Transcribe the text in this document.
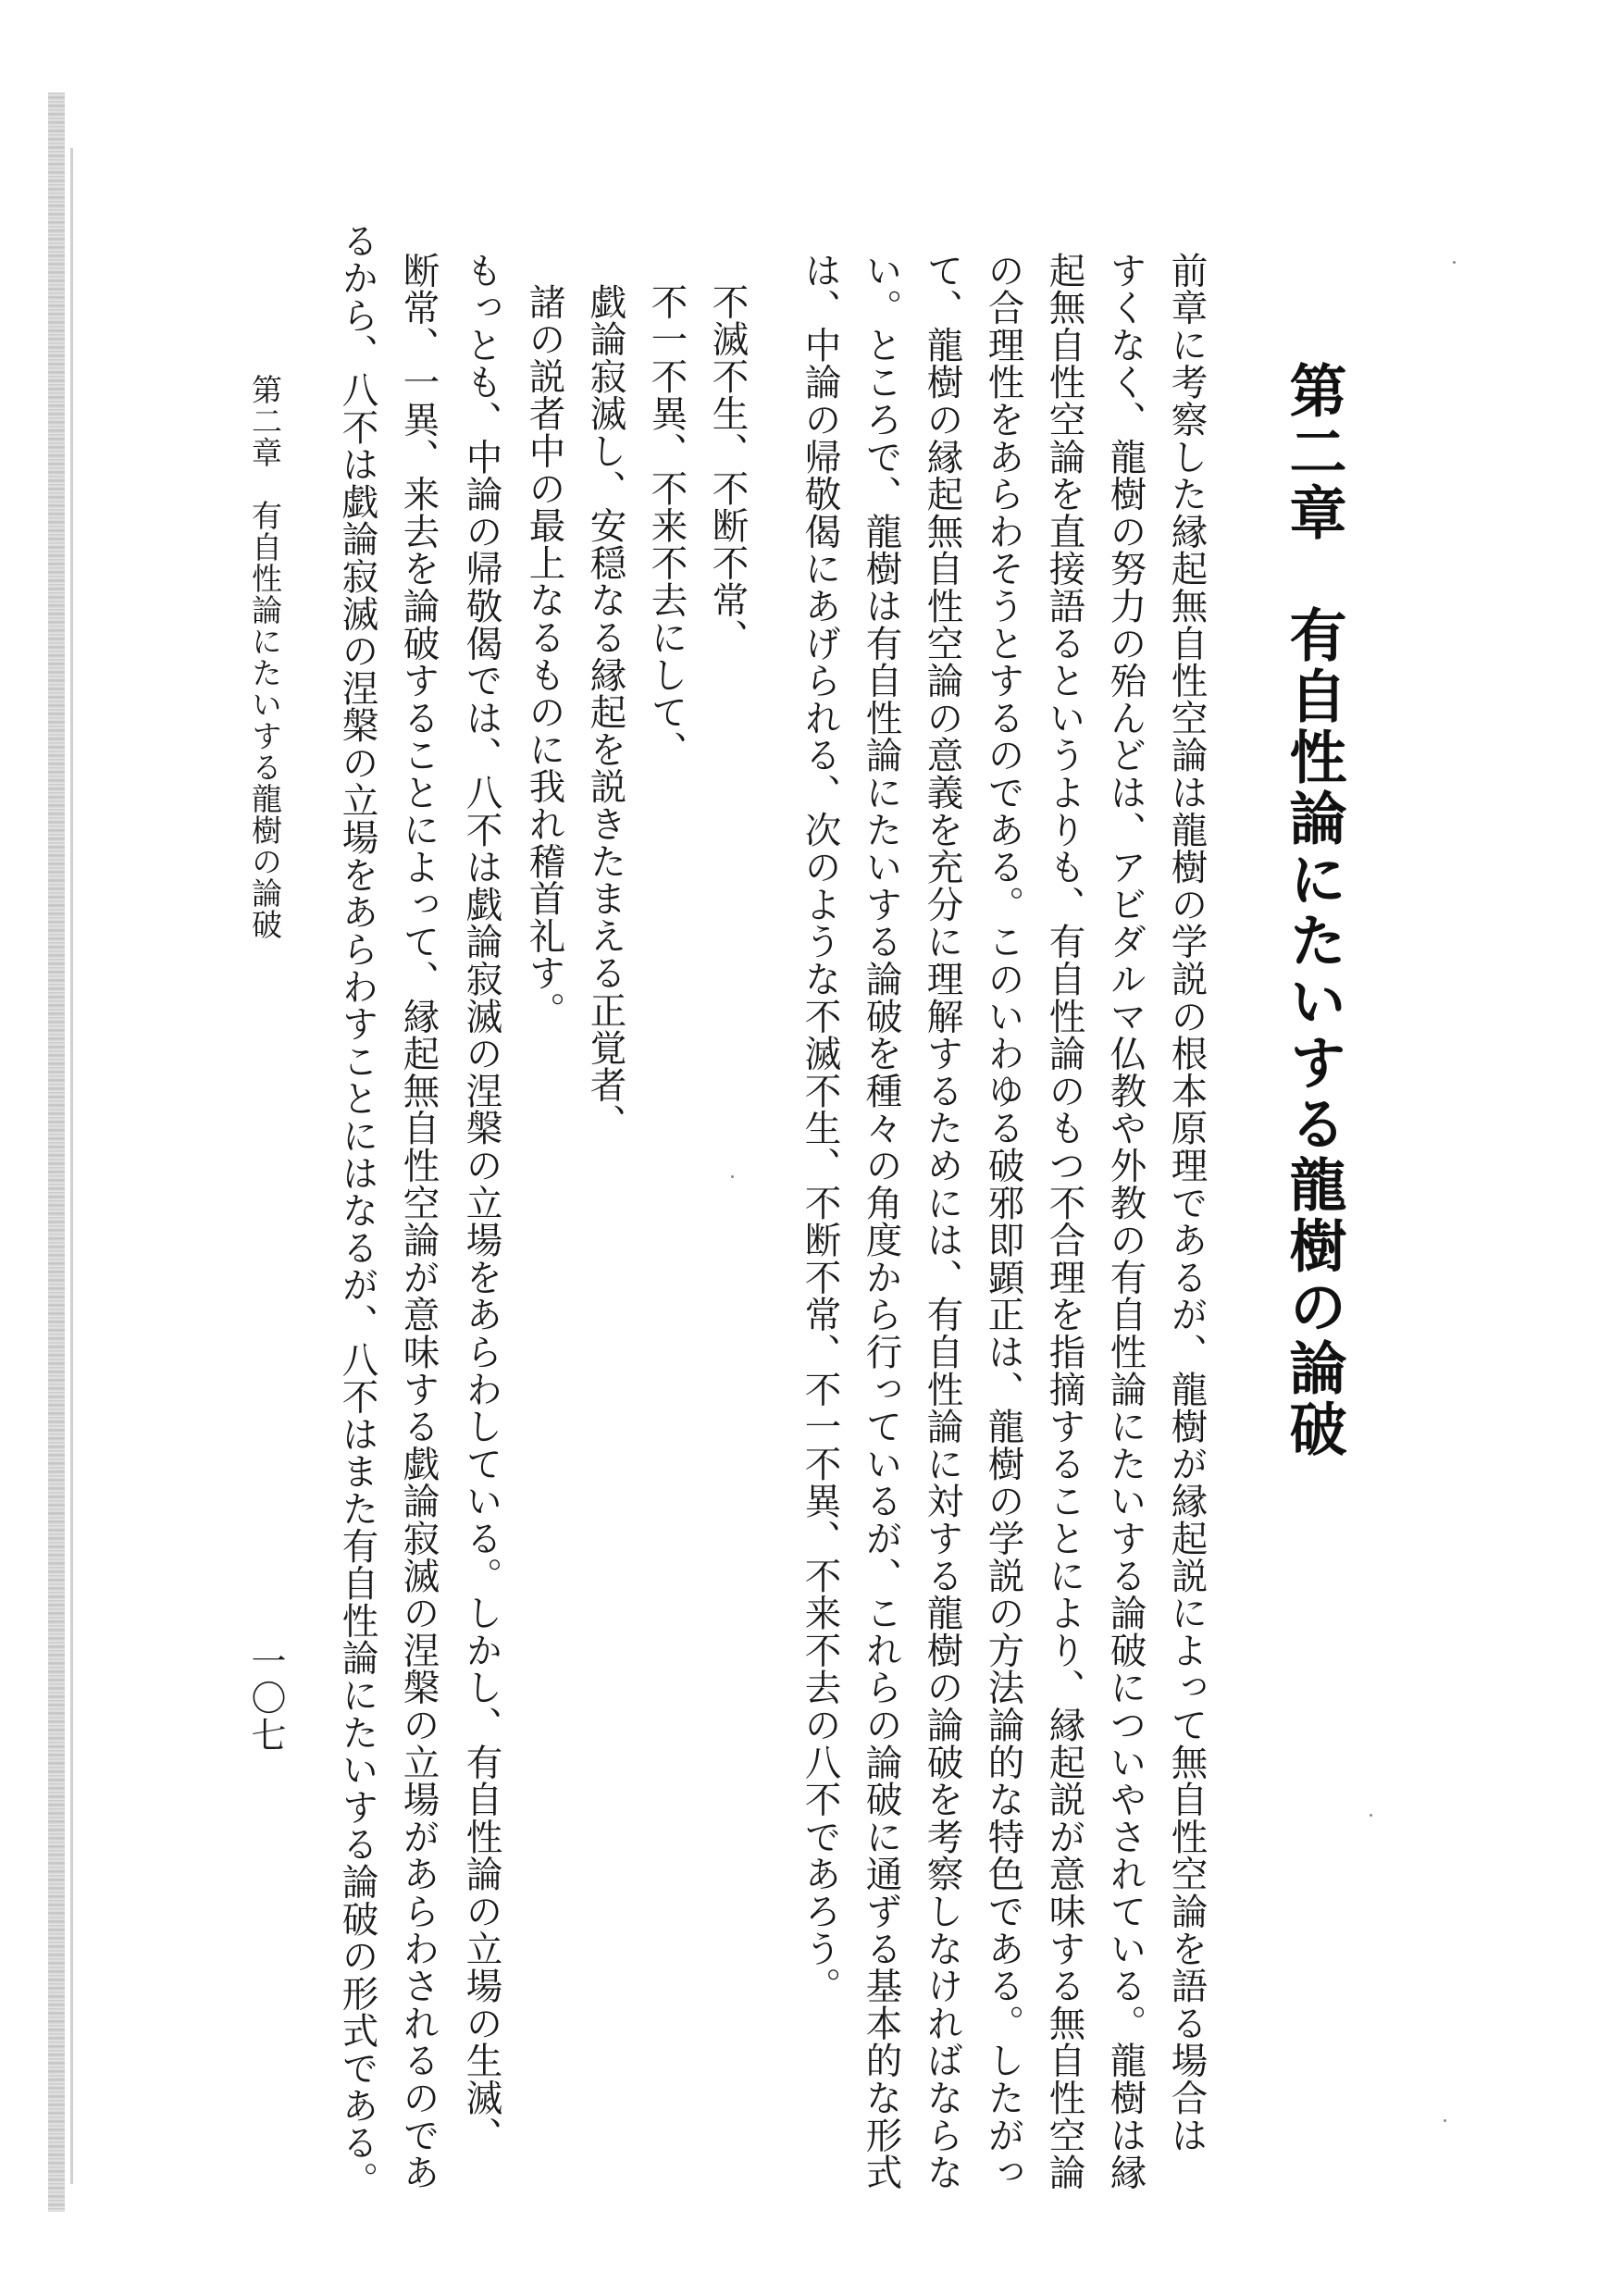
第二章　有自性論にたいする龍樹の論破
前章に考察した縁起無自性空論は龍樹の学説の根本原理であるが、龍樹が縁起説によって無自性空論を語る場合は
すくなく、龍樹の努力の殆んどは、アビダルマ仏教や外教の有自性論にたいする論破についやされている。龍樹は縁
起無自性空論を直接語るというよりも、有自性論のもつ不合理を指摘することにより、縁起説が意味する無自性空論
の合理性をあらわそうとするのである。このいわゆる破邪即顕正は、龍樹の学説の方法論的な特色である。したがっ
て、龍樹の縁起無自性空論の意義を充分に理解するためには、有自性論に対する龍樹の論破を考察しなければならな
い。ところで、龍樹は有自性論にたいする論破を種々の角度から行っているが、これらの論破に通ずる基本的な形式
は、中論の帰敬偈にあげられる、次のような不滅不生、不断不常、不一不異、不来不去の八不であろう。
不滅不生、不断不常、
不一不異、不来不去にして、
戯論寂滅し、安穏なる縁起を説きたまえる正覚者、
諸の説者中の最上なるものに我れ稽首礼す。
もっとも、中論の帰敬偈では、八不は戯論寂滅の涅槃の立場をあらわしている。しかし、有自性論の立場の生滅、
断常、一異、来去を論破することによって、縁起無自性空論が意味する戯論寂滅の涅槃の立場があらわされるのであ
るから、八不は戯論寂滅の涅槃の立場をあらわすことにはなるが、八不はまた有自性論にたいする論破の形式である。
第二章　有自性論にたいする龍樹の論破
一〇七
